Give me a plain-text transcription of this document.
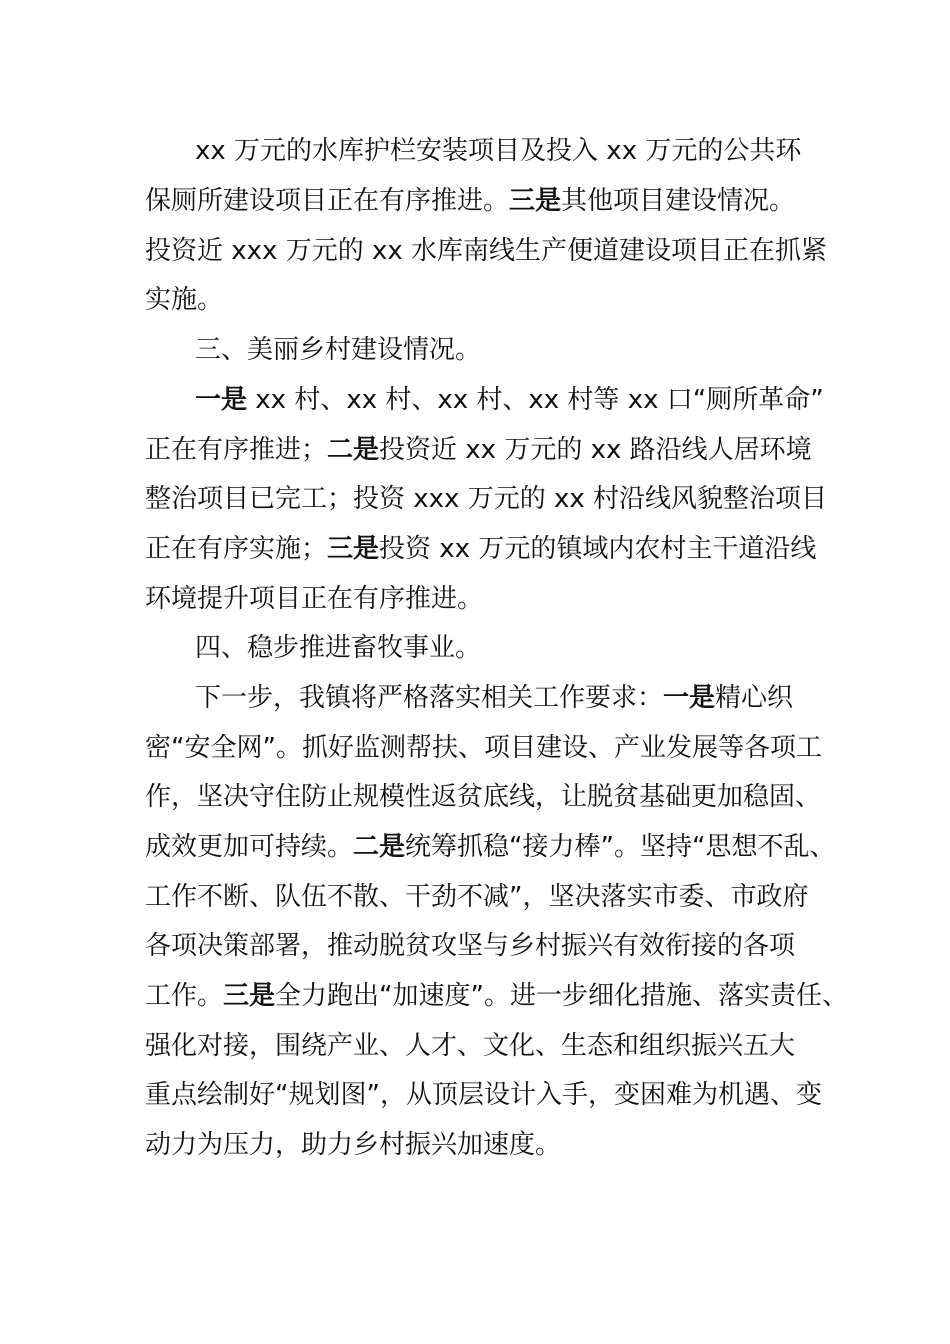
xx 万元的水库护栏安装项目及投入 xx 万元的公共环
保厕所建设项目正在有序推进。三是其他项目建设情况。
投资近 xxx 万元的 xx 水库南线生产便道建设项目正在抓紧
实施。
三、美丽乡村建设情况。
一是 xx 村、xx 村、xx 村、xx 村等 xx 口“厕所革命”
正在有序推进；二是投资近 xx 万元的 xx 路沿线人居环境
整治项目已完工；投资 xxx 万元的 xx 村沿线风貌整治项目
正在有序实施；三是投资 xx 万元的镇域内农村主干道沿线
环境提升项目正在有序推进。
四、稳步推进畜牧事业。
下一步，我镇将严格落实相关工作要求：一是精心织
密“安全网”。抓好监测帮扶、项目建设、产业发展等各项工
作，坚决守住防止规模性返贫底线，让脱贫基础更加稳固、
成效更加可持续。二是统筹抓稳“接力棒”。坚持“思想不乱、
工作不断、队伍不散、干劲不减”，坚决落实市委、市政府
各项决策部署，推动脱贫攻坚与乡村振兴有效衔接的各项
工作。三是全力跑出“加速度”。进一步细化措施、落实责任、
强化对接，围绕产业、人才、文化、生态和组织振兴五大
重点绘制好“规划图”，从顶层设计入手，变困难为机遇、变
动力为压力，助力乡村振兴加速度。
